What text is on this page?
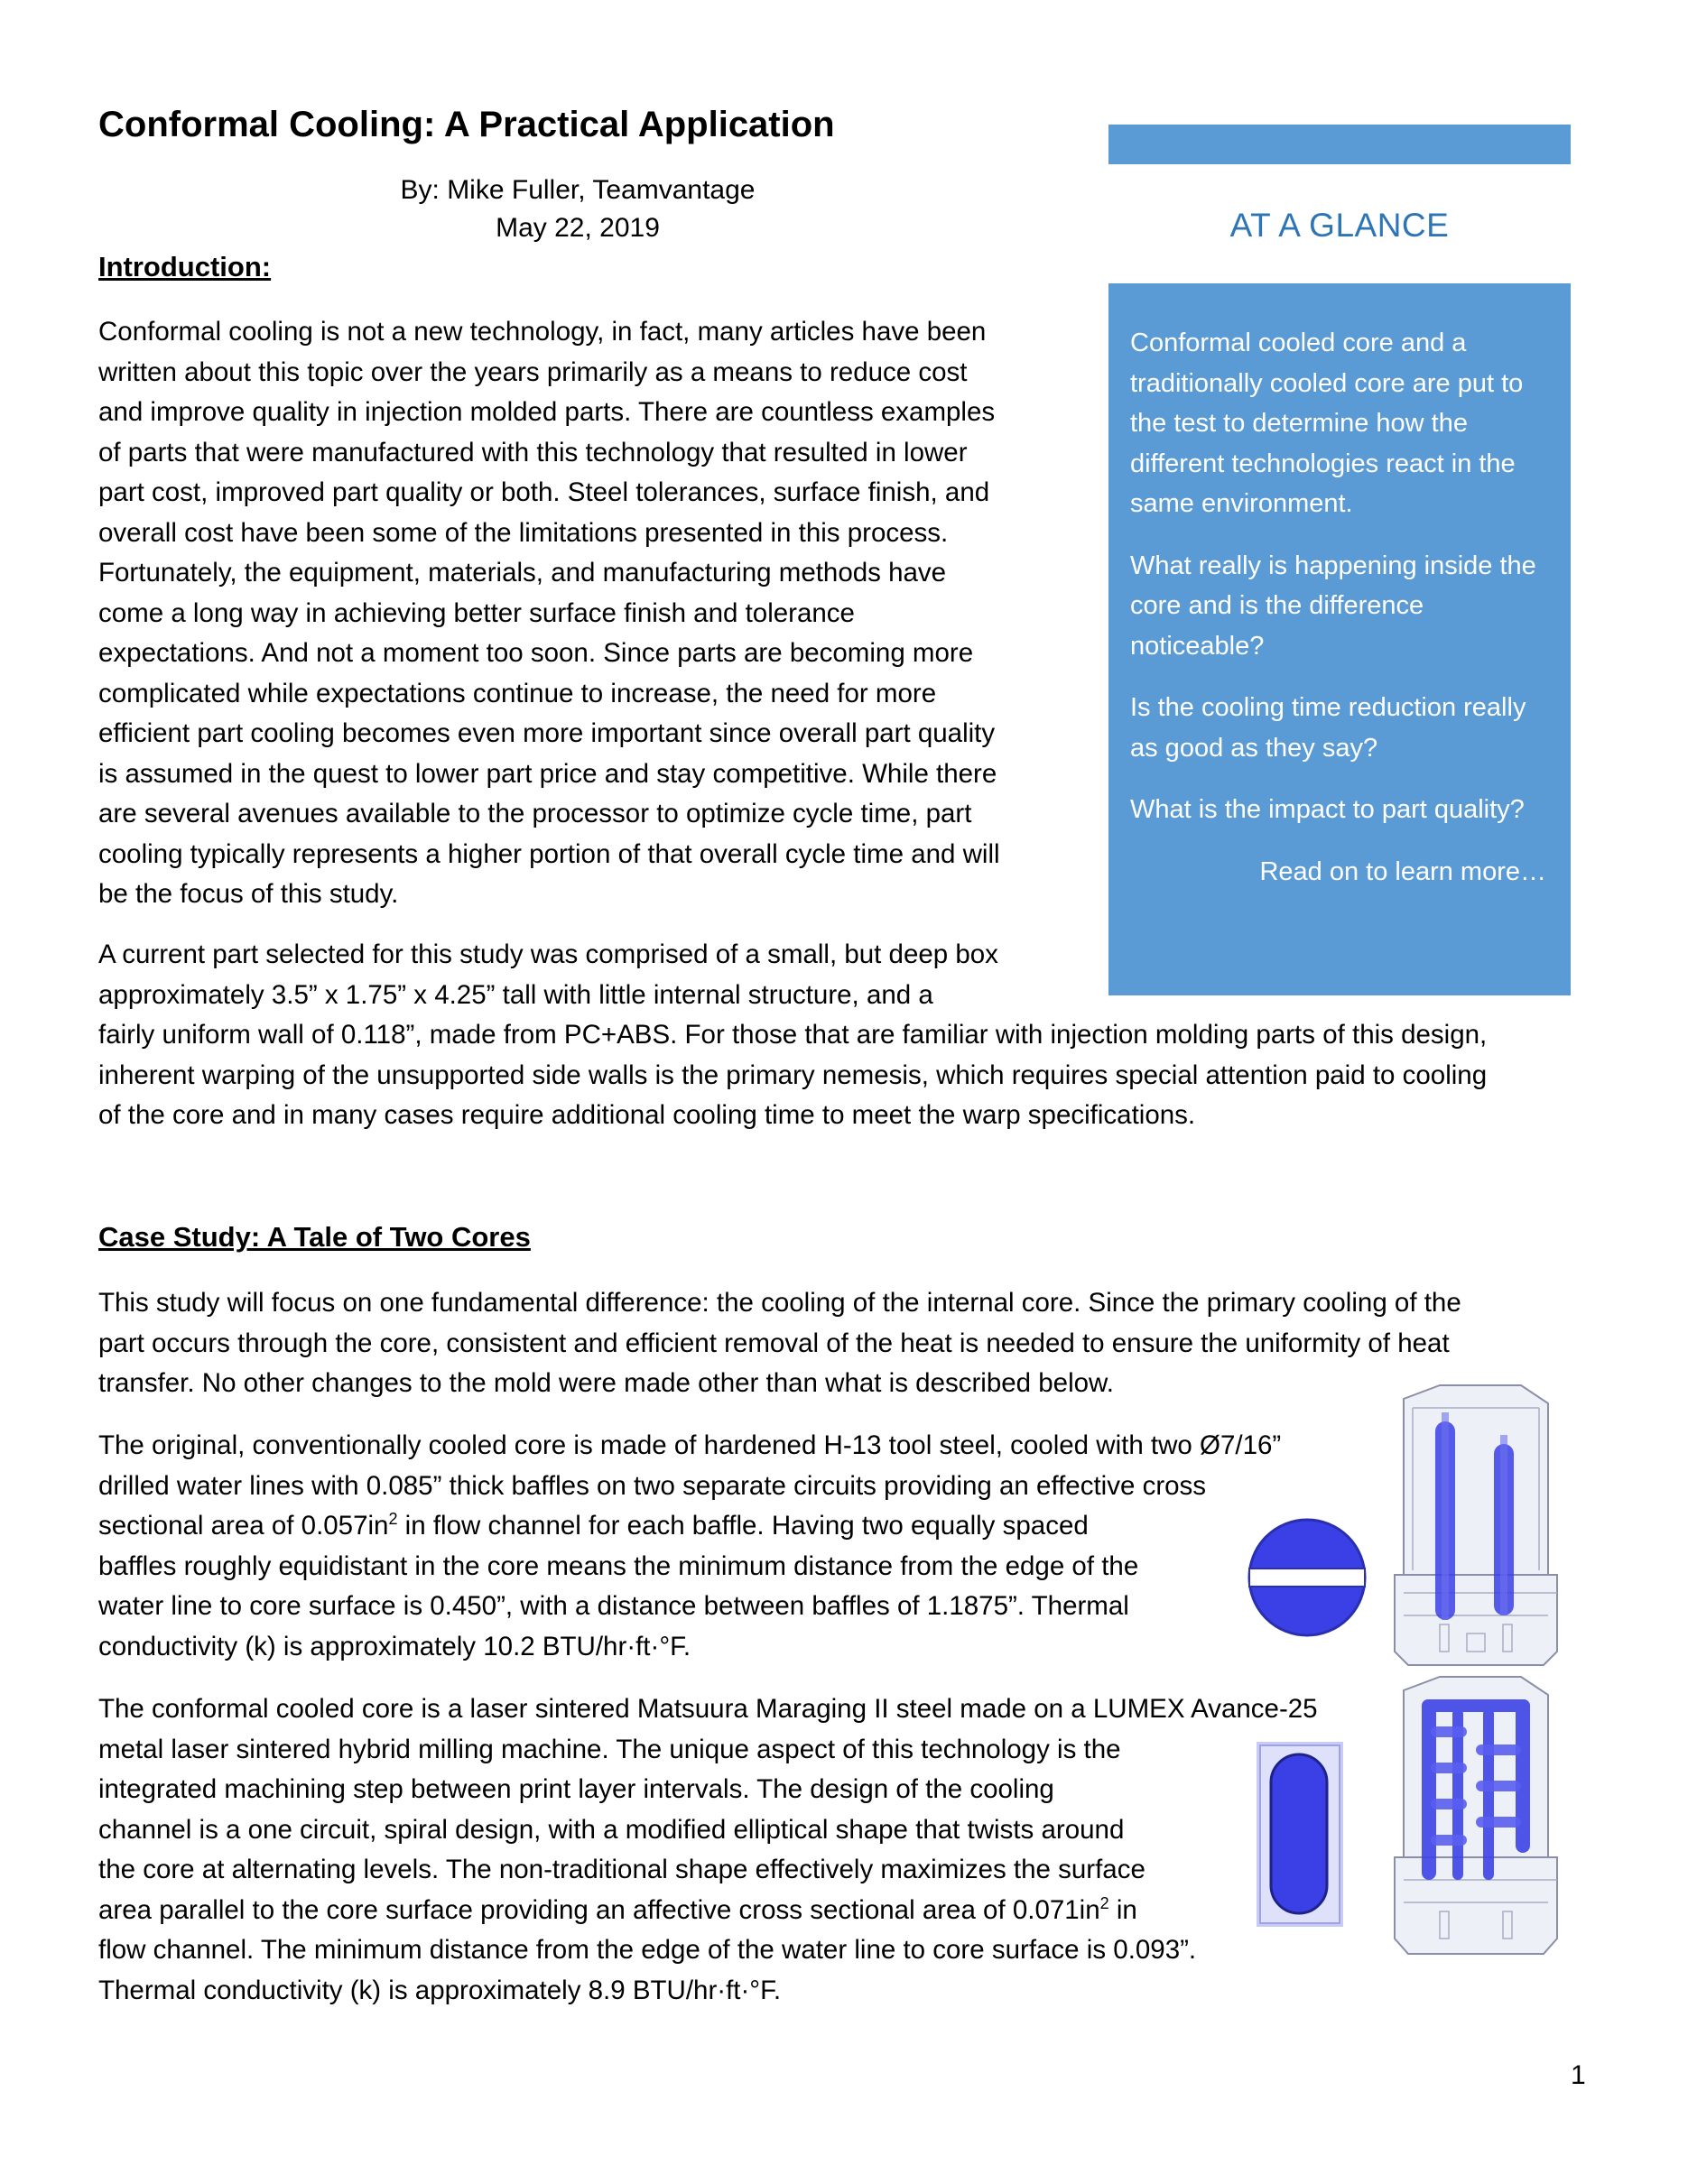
Conformal Cooling: A Practical Application
By: Mike Fuller, Teamvantage
May 22, 2019	AT A GLANCE

Conformal cooled core and a traditionally cooled core are put to the test to determine how the different technologies react in the same environment.

What really is happening inside the core and is the difference noticeable?

Is the cooling time reduction really as good as they say?

What is the impact to part quality?

Read on to learn more…

Introduction:
Conformal cooling is not a new technology, in fact, many articles have been
written about this topic over the years primarily as a means to reduce cost
and improve quality in injection molded parts. There are countless examples
of parts that were manufactured with this technology that resulted in lower
part cost, improved part quality or both. Steel tolerances, surface finish, and
overall cost have been some of the limitations presented in this process.
Fortunately, the equipment, materials, and manufacturing methods have
come a long way in achieving better surface finish and tolerance
expectations. And not a moment too soon. Since parts are becoming more
complicated while expectations continue to increase, the need for more
efficient part cooling becomes even more important since overall part quality
is assumed in the quest to lower part price and stay competitive. While there
are several avenues available to the processor to optimize cycle time, part
cooling typically represents a higher portion of that overall cycle time and will
be the focus of this study.
A current part selected for this study was comprised of a small, but deep box
approximately 3.5” x 1.75” x 4.25” tall with little internal structure, and a
fairly uniform wall of 0.118”, made from PC+ABS. For those that are familiar with injection molding parts of this design,
inherent warping of the unsupported side walls is the primary nemesis, which requires special attention paid to cooling
of the core and in many cases require additional cooling time to meet the warp specifications.
Case Study: A Tale of Two Cores
This study will focus on one fundamental difference: the cooling of the internal core. Since the primary cooling of the
part occurs through the core, consistent and efficient removal of the heat is needed to ensure the uniformity of heat
transfer. No other changes to the mold were made other than what is described below.
The original, conventionally cooled core is made of hardened H-13 tool steel, cooled with two Ø7/16”
drilled water lines with 0.085” thick baffles on two separate circuits providing an effective cross
sectional area of $0.057in^2$ in flow channel for each baffle. Having two equally spaced
baffles roughly equidistant in the core means the minimum distance from the edge of the
water line to core surface is 0.450”, with a distance between baffles of 1.1875”. Thermal
conductivity (k) is approximately 10.2 BTU/hr·ft·°F.
The conformal cooled core is a laser sintered Matsuura Maraging II steel made on a LUMEX Avance-25
metal laser sintered hybrid milling machine. The unique aspect of this technology is the
integrated machining step between print layer intervals. The design of the cooling
channel is a one circuit, spiral design, with a modified elliptical shape that twists around
the core at alternating levels. The non-traditional shape effectively maximizes the surface
area parallel to the core surface providing an affective cross sectional area of $0.071in^2$ in
flow channel. The minimum distance from the edge of the water line to core surface is 0.093”.
Thermal conductivity (k) is approximately 8.9 BTU/hr·ft·°F.
1
